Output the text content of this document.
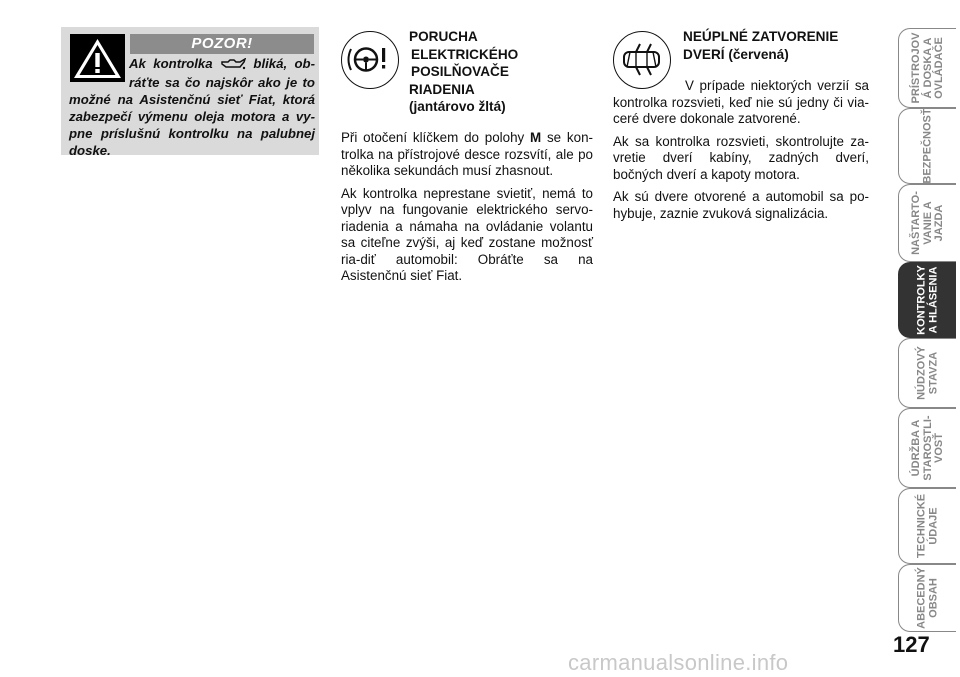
POZOR!
Ak kontrolka  bliká, ob-ráťte sa čo najskôr ako je to možné na Asistenčnú sieť Fiat, ktorá zabezpečí výmenu oleja motora a vy-pne príslušnú kontrolku na palubnej doske.
PORUCHA
ELEKTRICKÉHO
POSILŇOVAČE
RIADENIA
(jantárovo žltá)

Při otočení klíčkem do polohy M se kon-trolka na přístrojové desce rozsvítí, ale po několika sekundách musí zhasnout.

Ak kontrolka neprestane svietiť, nemá to vplyv na fungovanie elektrického servo-riadenia a námaha na ovládanie volantu sa citeľne zvýši, aj keď zostane možnosť ria-diť automobil: Obráťte sa na Asistenčnú sieť Fiat.

NEÚPLNÉ ZATVORENIE
DVERÍ (červená)

V prípade niektorých verzií sa kontrolka rozsvieti, keď nie sú jedny či via-ceré dvere dokonale zatvorené.

Ak sa kontrolka rozsvieti, skontrolujte za-vretie dverí kabíny, zadných dverí, bočných dverí a kapoty motora.

Ak sú dvere otvorené a automobil sa po-hybuje, zaznie zvuková signalizácia.

PRÍSTROJOV
Á DOSKA A
OVLÁDAČE
BEZPEČNOSŤ
NAŠTARTO-
VANIE A
JAZDA
KONTROLKY
A HLÁSENIA
NÚDZOVÝ
STAVZA
ÚDRŽBA A
STAROSTLI-
VOSŤ
TECHNICKÉ
ÚDAJE
ABECEDNÝ
OBSAH
127
carmanualsonline.info
